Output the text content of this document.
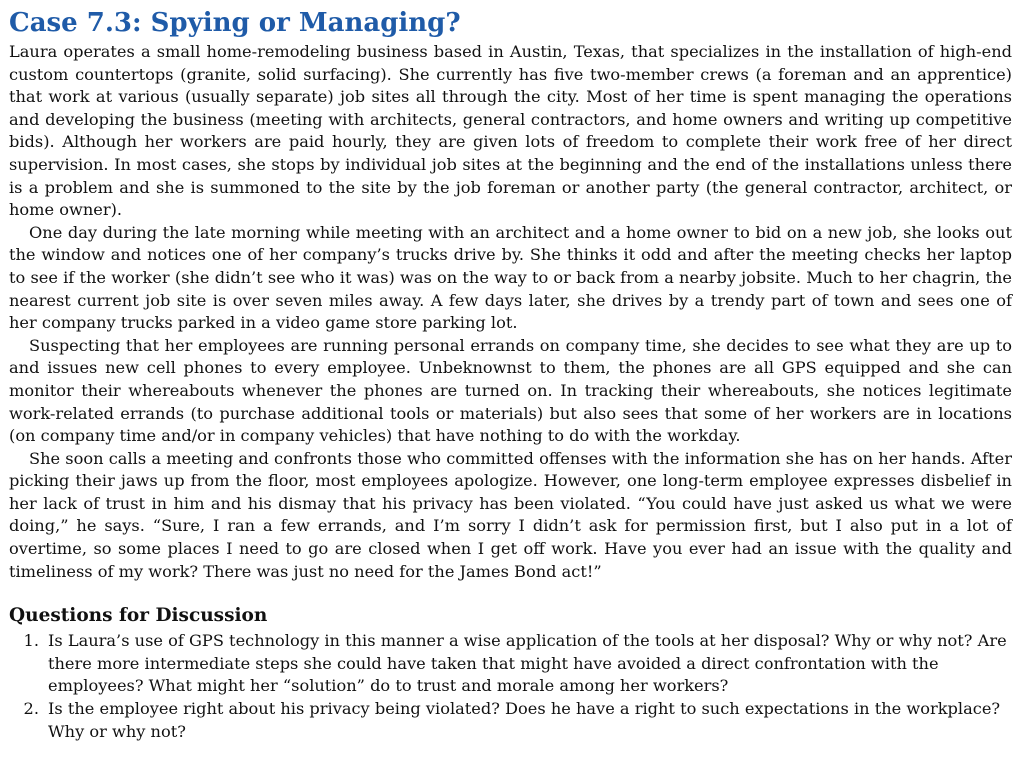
Case 7.3: Spying or Managing?

Laura operates a small home-remodeling business based in Austin, Texas, that specializes in the installation of high-end custom countertops (granite, solid surfacing). She currently has five two-member crews (a foreman and an apprentice) that work at various (usually separate) job sites all through the city. Most of her time is spent managing the operations and developing the business (meeting with architects, general contractors, and home owners and writing up competitive bids). Although her workers are paid hourly, they are given lots of freedom to complete their work free of her direct supervision. In most cases, she stops by individual job sites at the beginning and the end of the installations unless there is a problem and she is summoned to the site by the job foreman or another party (the general contractor, architect, or home owner).

One day during the late morning while meeting with an architect and a home owner to bid on a new job, she looks out the window and notices one of her company’s trucks drive by. She thinks it odd and after the meeting checks her laptop to see if the worker (she didn’t see who it was) was on the way to or back from a nearby jobsite. Much to her chagrin, the nearest current job site is over seven miles away. A few days later, she drives by a trendy part of town and sees one of her company trucks parked in a video game store parking lot.

Suspecting that her employees are running personal errands on company time, she decides to see what they are up to and issues new cell phones to every employee. Unbeknownst to them, the phones are all GPS equipped and she can monitor their whereabouts whenever the phones are turned on. In tracking their whereabouts, she notices legitimate work-related errands (to purchase additional tools or materials) but also sees that some of her workers are in locations (on company time and/or in company vehicles) that have nothing to do with the workday.

She soon calls a meeting and confronts those who committed offenses with the information she has on her hands. After picking their jaws up from the floor, most employees apologize. However, one long-term employee expresses disbelief in her lack of trust in him and his dismay that his privacy has been violated. “You could have just asked us what we were doing,” he says. “Sure, I ran a few errands, and I’m sorry I didn’t ask for permission first, but I also put in a lot of overtime, so some places I need to go are closed when I get off work. Have you ever had an issue with the quality and timeliness of my work? There was just no need for the James Bond act!”

Questions for Discussion
1. Is Laura’s use of GPS technology in this manner a wise application of the tools at her disposal? Why or why not? Are there more intermediate steps she could have taken that might have avoided a direct confrontation with the employees? What might her “solution” do to trust and morale among her workers?
2. Is the employee right about his privacy being violated? Does he have a right to such expectations in the workplace? Why or why not?
